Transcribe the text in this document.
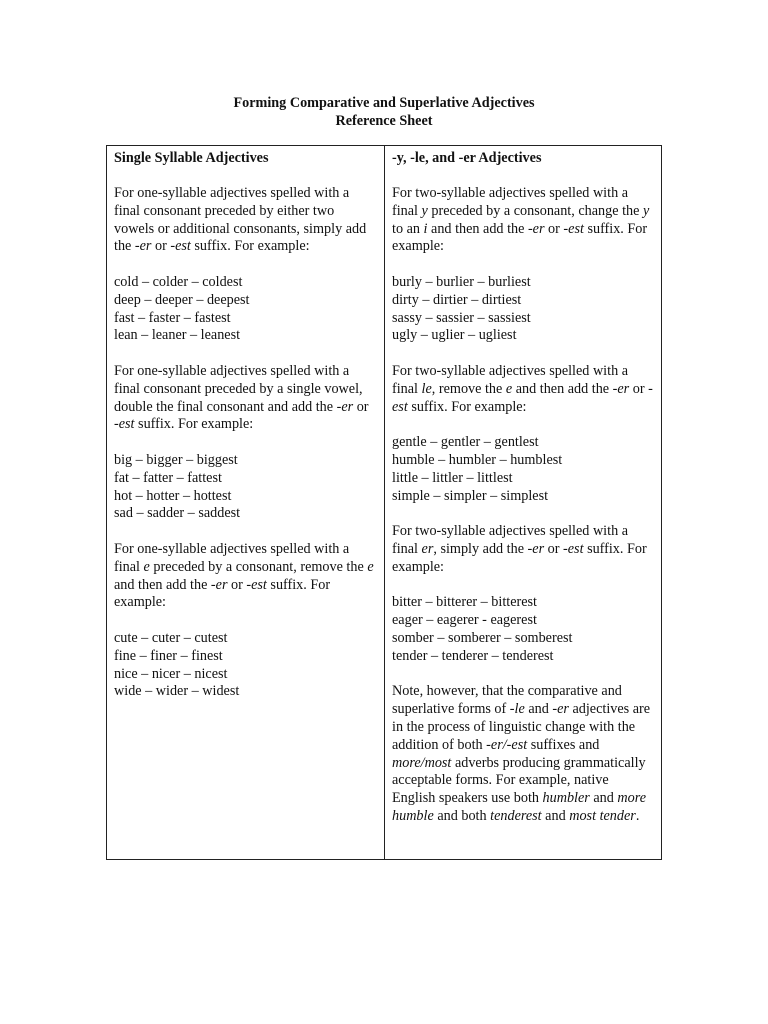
Forming Comparative and Superlative Adjectives
Reference Sheet
Single Syllable Adjectives
For one-syllable adjectives spelled with a final consonant preceded by either two vowels or additional consonants, simply add the -er or -est suffix. For example:
cold – colder – coldest
deep – deeper – deepest
fast – faster – fastest
lean – leaner – leanest
For one-syllable adjectives spelled with a final consonant preceded by a single vowel, double the final consonant and add the -er or -est suffix. For example:
big – bigger – biggest
fat – fatter – fattest
hot – hotter – hottest
sad – sadder – saddest
For one-syllable adjectives spelled with a final e preceded by a consonant, remove the e and then add the -er or -est suffix. For example:
cute – cuter – cutest
fine – finer – finest
nice – nicer – nicest
wide – wider – widest
-y, -le, and -er Adjectives
For two-syllable adjectives spelled with a final y preceded by a consonant, change the y to an i and then add the -er or -est suffix. For example:
burly – burlier – burliest
dirty – dirtier – dirtiest
sassy – sassier – sassiest
ugly – uglier – ugliest
For two-syllable adjectives spelled with a final le, remove the e and then add the -er or -est suffix. For example:
gentle – gentler – gentlest
humble – humbler – humblest
little – littler – littlest
simple – simpler – simplest
For two-syllable adjectives spelled with a final er, simply add the -er or -est suffix. For example:
bitter – bitterer – bitterest
eager – eagerer - eagerest
somber – somberer – somberest
tender – tenderer – tenderest
Note, however, that the comparative and superlative forms of -le and -er adjectives are in the process of linguistic change with the addition of both -er/-est suffixes and more/most adverbs producing grammatically acceptable forms. For example, native English speakers use both humbler and more humble and both tenderest and most tender.
